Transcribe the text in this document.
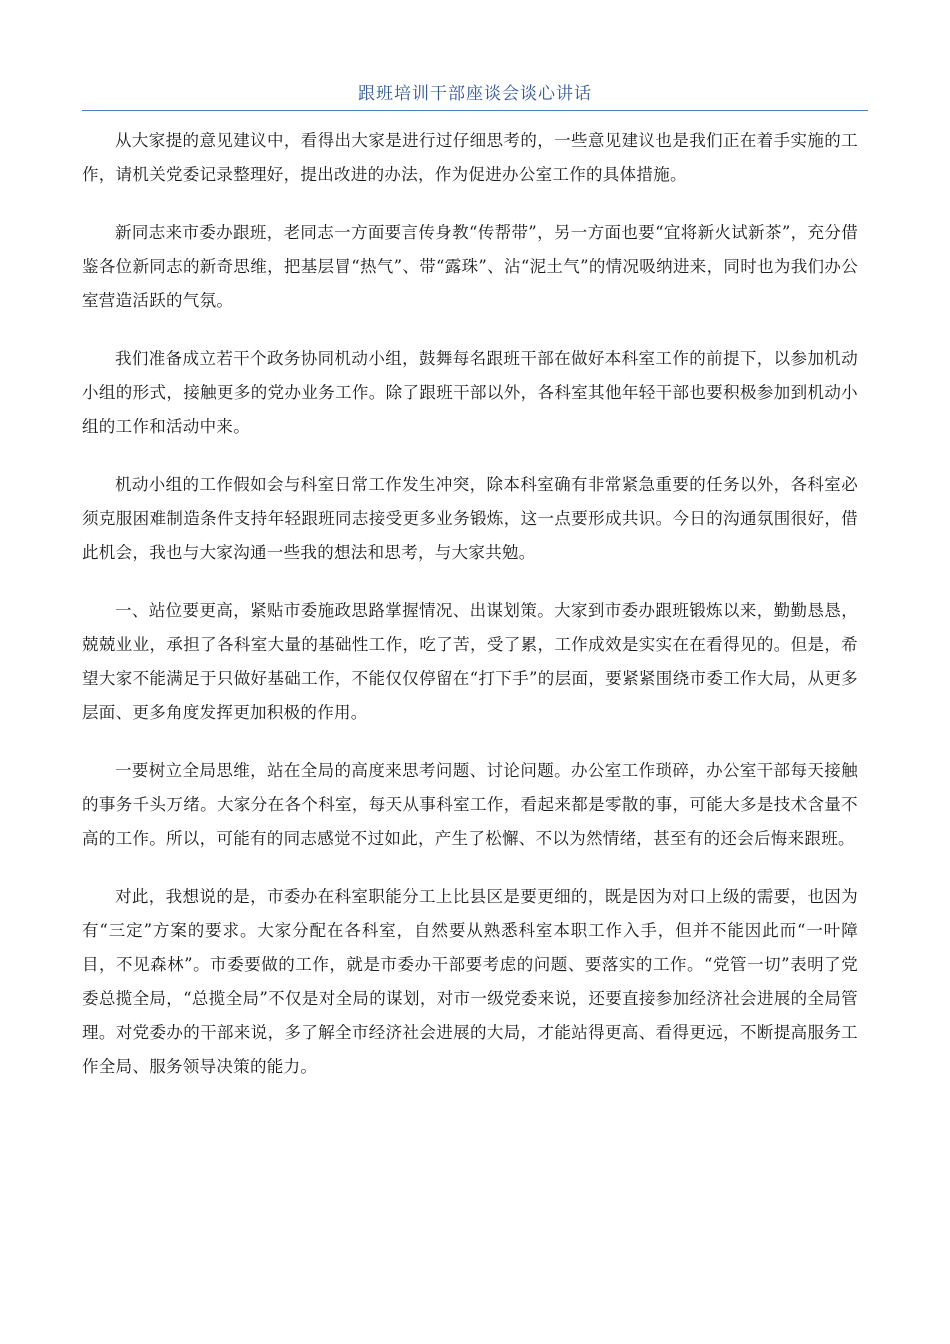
跟班培训干部座谈会谈心讲话

从大家提的意见建议中，看得出大家是进行过仔细思考的，一些意见建议也是我们正在着手实施的工作，请机关党委记录整理好，提出改进的办法，作为促进办公室工作的具体措施。

新同志来市委办跟班，老同志一方面要言传身教“传帮带”，另一方面也要“宜将新火试新茶”，充分借鉴各位新同志的新奇思维，把基层冒“热气”、带“露珠”、沾“泥土气”的情况吸纳进来，同时也为我们办公室营造活跃的气氛。

我们准备成立若干个政务协同机动小组，鼓舞每名跟班干部在做好本科室工作的前提下，以参加机动小组的形式，接触更多的党办业务工作。除了跟班干部以外，各科室其他年轻干部也要积极参加到机动小组的工作和活动中来。

机动小组的工作假如会与科室日常工作发生冲突，除本科室确有非常紧急重要的任务以外，各科室必须克服困难制造条件支持年轻跟班同志接受更多业务锻炼，这一点要形成共识。今日的沟通氛围很好，借此机会，我也与大家沟通一些我的想法和思考，与大家共勉。

一、站位要更高，紧贴市委施政思路掌握情况、出谋划策。大家到市委办跟班锻炼以来，勤勤恳恳，兢兢业业，承担了各科室大量的基础性工作，吃了苦，受了累，工作成效是实实在在看得见的。但是，希望大家不能满足于只做好基础工作，不能仅仅停留在“打下手”的层面，要紧紧围绕市委工作大局，从更多层面、更多角度发挥更加积极的作用。

一要树立全局思维，站在全局的高度来思考问题、讨论问题。办公室工作琐碎，办公室干部每天接触的事务千头万绪。大家分在各个科室，每天从事科室工作，看起来都是零散的事，可能大多是技术含量不高的工作。所以，可能有的同志感觉不过如此，产生了松懈、不以为然情绪，甚至有的还会后悔来跟班。

对此，我想说的是，市委办在科室职能分工上比县区是要更细的，既是因为对口上级的需要，也因为有“三定”方案的要求。大家分配在各科室，自然要从熟悉科室本职工作入手，但并不能因此而“一叶障目，不见森林”。市委要做的工作，就是市委办干部要考虑的问题、要落实的工作。“党管一切”表明了党委总揽全局，“总揽全局”不仅是对全局的谋划，对市一级党委来说，还要直接参加经济社会进展的全局管理。对党委办的干部来说，多了解全市经济社会进展的大局，才能站得更高、看得更远，不断提高服务工作全局、服务领导决策的能力。
